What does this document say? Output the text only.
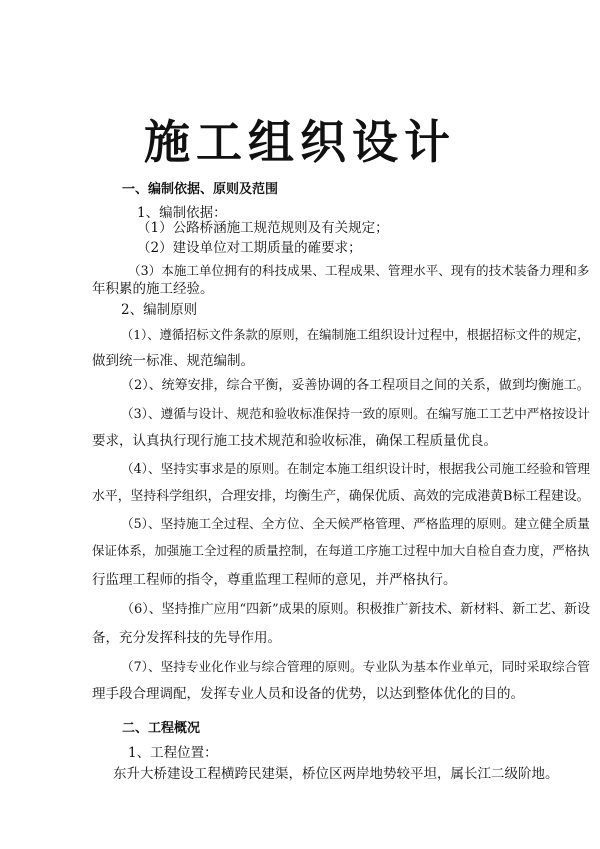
施工组织设计
一、编制依据、原则及范围
1、编制依据：
（1）公路桥涵施工规范规则及有关规定；
（2）建设单位对工期质量的確要求；
（3）本施工单位拥有的科技成果、工程成果、管理水平、现有的技术装备力理和多
年积累的施工经验。
2、编制原则
（1）、遵循招标文件条款的原则，在编制施工组织设计过程中，根据招标文件的规定，
做到统一标准、规范编制。
（2）、统筹安排，综合平衡，妥善协调的各工程项目之间的关系，做到均衡施工。
（3）、遵循与设计、规范和验收标准保持一致的原则。在编写施工工艺中严格按设计
要求，认真执行现行施工技术规范和验收标准，确保工程质量优良。
（4）、坚持实事求是的原则。在制定本施工组织设计时，根据我公司施工经验和管理
水平，坚持科学组织，合理安排，均衡生产，确保优质、高效的完成港黄B标工程建设。
（5）、坚持施工全过程、全方位、全天候严格管理、严格监理的原则。建立健全质量
保证体系，加强施工全过程的质量控制，在每道工序施工过程中加大自检自查力度，严格执
行监理工程师的指令，尊重监理工程师的意见，并严格执行。
（6）、坚持推广应用“四新”成果的原则。积极推广新技术、新材料、新工艺、新设
备，充分发挥科技的先导作用。
（7）、坚持专业化作业与综合管理的原则。专业队为基本作业单元，同时采取综合管
理手段合理调配，发挥专业人员和设备的优势，以达到整体优化的目的。
二、工程概况
1、工程位置：
东升大桥建设工程横跨民建渠，桥位区两岸地势较平坦，属长江二级阶地。
